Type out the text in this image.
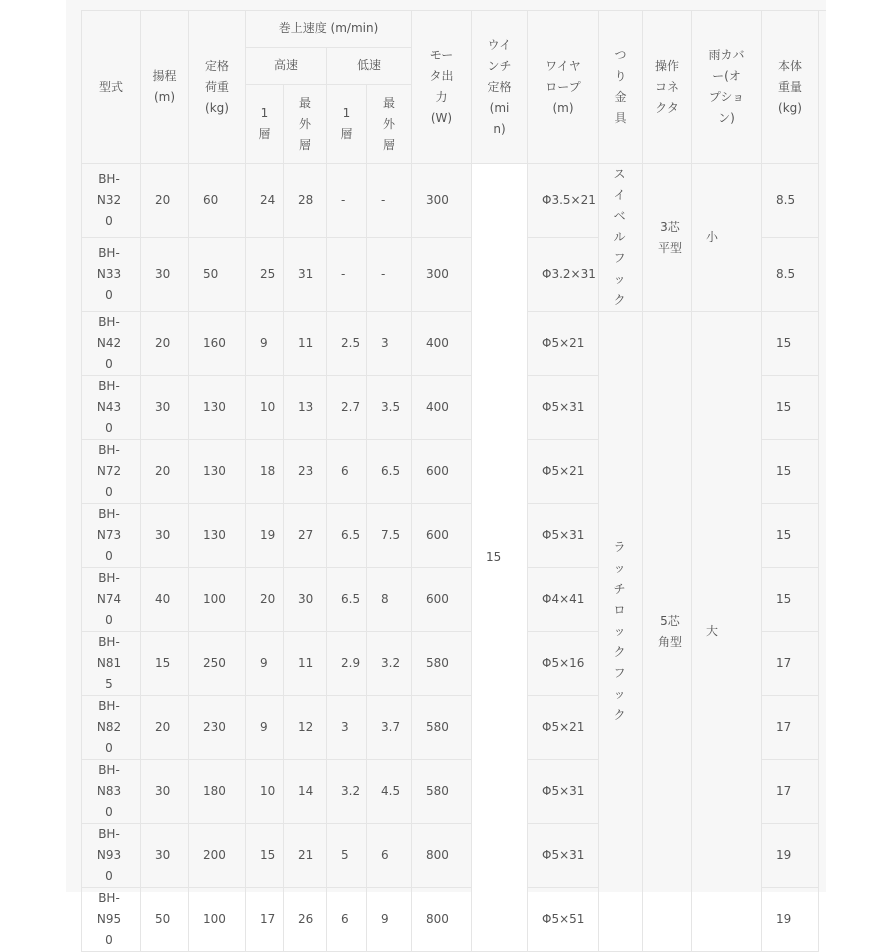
型式	揚程(m)	定格荷重(kg)	巻上速度 (m/min)				モータ出力(W)	ウインチ定格(min)	ワイヤロープ(m)	つり金具	操作コネクタ	雨カバー(オプション)	本体重量(kg)
			高速		低速								
			1層	最外層	1層	最外層							
BH-N320	20	60	24	28	-	-	300	15	Φ3.5×21	スイベルフック	3芯平型	小	8.5
BH-N330	30	50	25	31	-	-	300		Φ3.2×31				8.5
BH-N420	20	160	9	11	2.5	3	400		Φ5×21	ラッチロックフック	5芯角型	大	15
BH-N430	30	130	10	13	2.7	3.5	400		Φ5×31				15
BH-N720	20	130	18	23	6	6.5	600		Φ5×21				15
BH-N730	30	130	19	27	6.5	7.5	600		Φ5×31				15
BH-N740	40	100	20	30	6.5	8	600		Φ4×41				15
BH-N815	15	250	9	11	2.9	3.2	580		Φ5×16				17
BH-N820	20	230	9	12	3	3.7	580		Φ5×21				17
BH-N830	30	180	10	14	3.2	4.5	580		Φ5×31				17
BH-N930	30	200	15	21	5	6	800		Φ5×31				19
BH-N950	50	100	17	26	6	9	800		Φ5×51				19
